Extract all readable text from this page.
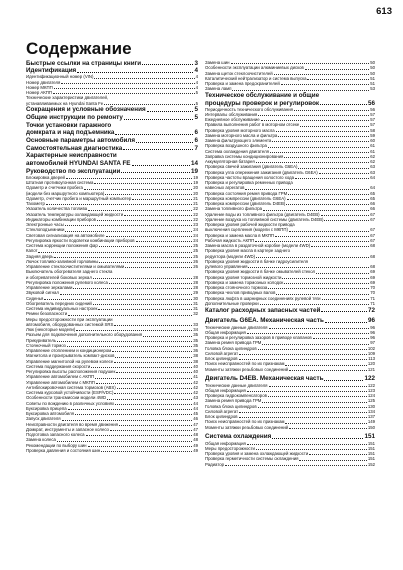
613
Содержание
Быстрые ссылки на страницы книги	3
Идентификация	4
Идентификационный номер (VIN)	4
Номер двигателя	4
Номер МКПП	4
Номер АКПП	5
Технические характеристики двигателей,
устанавливаемых на Hyundai Santa Fe	5
Сокращения и условные обозначения	5
Общие инструкции по ремонту	5
Точки установки гаражного
домкрата и над подъемника	6
Основные параметры автомобиля	6
Самостоятельная диагностика	7
Характерные неисправности
автомобилей HYUNDAI SANTA FE	14
Руководство по эксплуатации	19
Блокировка дверей	19
Штатная противоугонная система	19
Одометр и счетчики пробега	20
(модели без маршрутного компьютера)	20
Одометр, счетчик пробега и маршрутный компьютер	21
Тахометр	21
Указатель количества топлива	22
Указатель температуры охлаждающей жидкости	22
Индикаторы комбинации приборов	22
Электронные часы	23
Стеклоподъемники	24
Световая сигнализация на автомобиле	24
Регулировка яркости подсветки комбинации приборов	24
Система коррекции положения фар	25
Капот	25
Задняя дверь	25
Лючок топливо-заливной горловины	26
Управление стеклоочистителями и омывателями	26
Выключатель обогревателя заднего стекла
и обогревателей боковых зеркал	28
Регулировка положения рулевого колеса	28
Управление зеркалами	28
Звуковой сигнал	29
Сиденья	30
Обогреватель передних сидений	31
Система индивидуальных настроек	31
Ремни безопасности	32
Меры предосторожности при эксплуатации
автомобиля, оборудованных системой SRS	33
Люк (некоторые модели)	34
Разъем для подключения дополнительного оборудования	35
Прикуриватель	35
Стояночный тормоз	35
Управление отоплением и кондиционером	36
Магнитола и проигрыватель компакт-дисков	38
Управление магнитолой на рулевом колесе	38
Система поддержания скорости	40
Регулировка высоты расположения подушек	40
Управление автомобилем с АКПП	41
Управление автомобилем с МКПП	42
Антиблокировочная система тормозов (ABS)	42
Система курсовой устойчивости (ESP/VDC)	42
Особенности трансмиссии модели 4WD	43
Советы по вождению в различных условиях	44
Буксировка прицепа	44
Буксировка автомобиля	45
Запуск двигателя	46
Неисправности двигателя во время движения	47
Домкрат, инструменты и запасное колесо	47
Подготовка запасного колеса	48
Замена колеса	48
Рекомендации по выбору шин	49
Проверка давления и состояния шин	49
Замена шин	50
Особенности эксплуатации алюминиевых дисков	50
Замена щеток стеклоочистителей	50
Каталитический нейтрализатор и система выпуска	51
Проверка и замена предохранителей	51
Замена ламп	53
Техническое обслуживание и общие
процедуры проверок и регулировок	56
Периодичность технического обслуживания	56
Интервалы обслуживания	57
Ежедневное обслуживание	57
Правила выполнения работ в моторном отсеке	57
Проверка уровня моторного масла	58
Замена моторного масла и фильтра	59
Замена фильтрующего элемента	60
Проверка воздушного фильтра	61
Система охлаждения двигателя	61
Заправка системы кондиционирования	62
Аккумуляторная батарея	62
Проверка свечей зажигания (двигатель G6EA)	63
Проверка угла опережения зажигания (двигатель G6EA)	63
Проверка частоты вращения холостого хода	64
Проверка и регулировка ременных привода
навесных агрегатов	64
Проверка состояния ремня привода ГРМ	65
Проверка компрессии (двигатель G6EA)	65
Проверка компрессии (двигатель D4EB)	66
Замена топливного фильтра	66
Удаление воды из топливного фильтра (двигатель D4EB)	67
Удаление воздуха из топливной системы (двигатель D4EB)	67
Проверка уровня рабочей жидкости привода
выключения сцепления (модели с МКПП)	67
Проверка и замена масла в МКПП	67
Рабочая жидкость АКПП	67
Замена масла в раздаточной коробке (модели 4WD)	68
Проверка уровня масла в картере заднего
редуктора (модели 4WD)	68
Проверка уровня жидкости в бачке гидроусилителя
рулевого управления	68
Проверка уровня жидкости в бачке омывателей стекол	69
Проверка уровня тормозной жидкости	69
Проверка и замена тормозных колодок	69
Проверка стояночного тормоза	70
Проверка чехлов приводных валов	70
Проверка люфта в шарнирных соединениях рулевой тяги	71
Дополнительные проверки	71
Каталог расходных запасных частей	72
Двигатель G6EA. Механическая часть	96
Технические данные двигателя	96
Общая информация	96
Проверка и регулировка зазоров в приводе клапанов	96
Замена ремня привода ГРМ	97
Головка блока цилиндров	102
Силовой агрегат	109
Блок цилиндров	113
Поиск неисправностей по их признакам	120
Моменты затяжки резьбовых соединений	121
Двигатель D4EB. Механическая часть	122
Технические данные двигателя	122
Общая информация	123
Проверка гидрокомпенсаторов	124
Замена ремня привода ГРМ	125
Головка блока цилиндров	130
Силовой агрегат	134
Блок цилиндров	137
Поиск неисправностей по их признакам	149
Моменты затяжки резьбовых соединений	150
Система охлаждения	151
Общая информация	151
Меры предосторожности	151
Проверка уровня и замена охлаждающей жидкости	151
Проверка герметичности системы охлаждения	151
Радиатор	152
